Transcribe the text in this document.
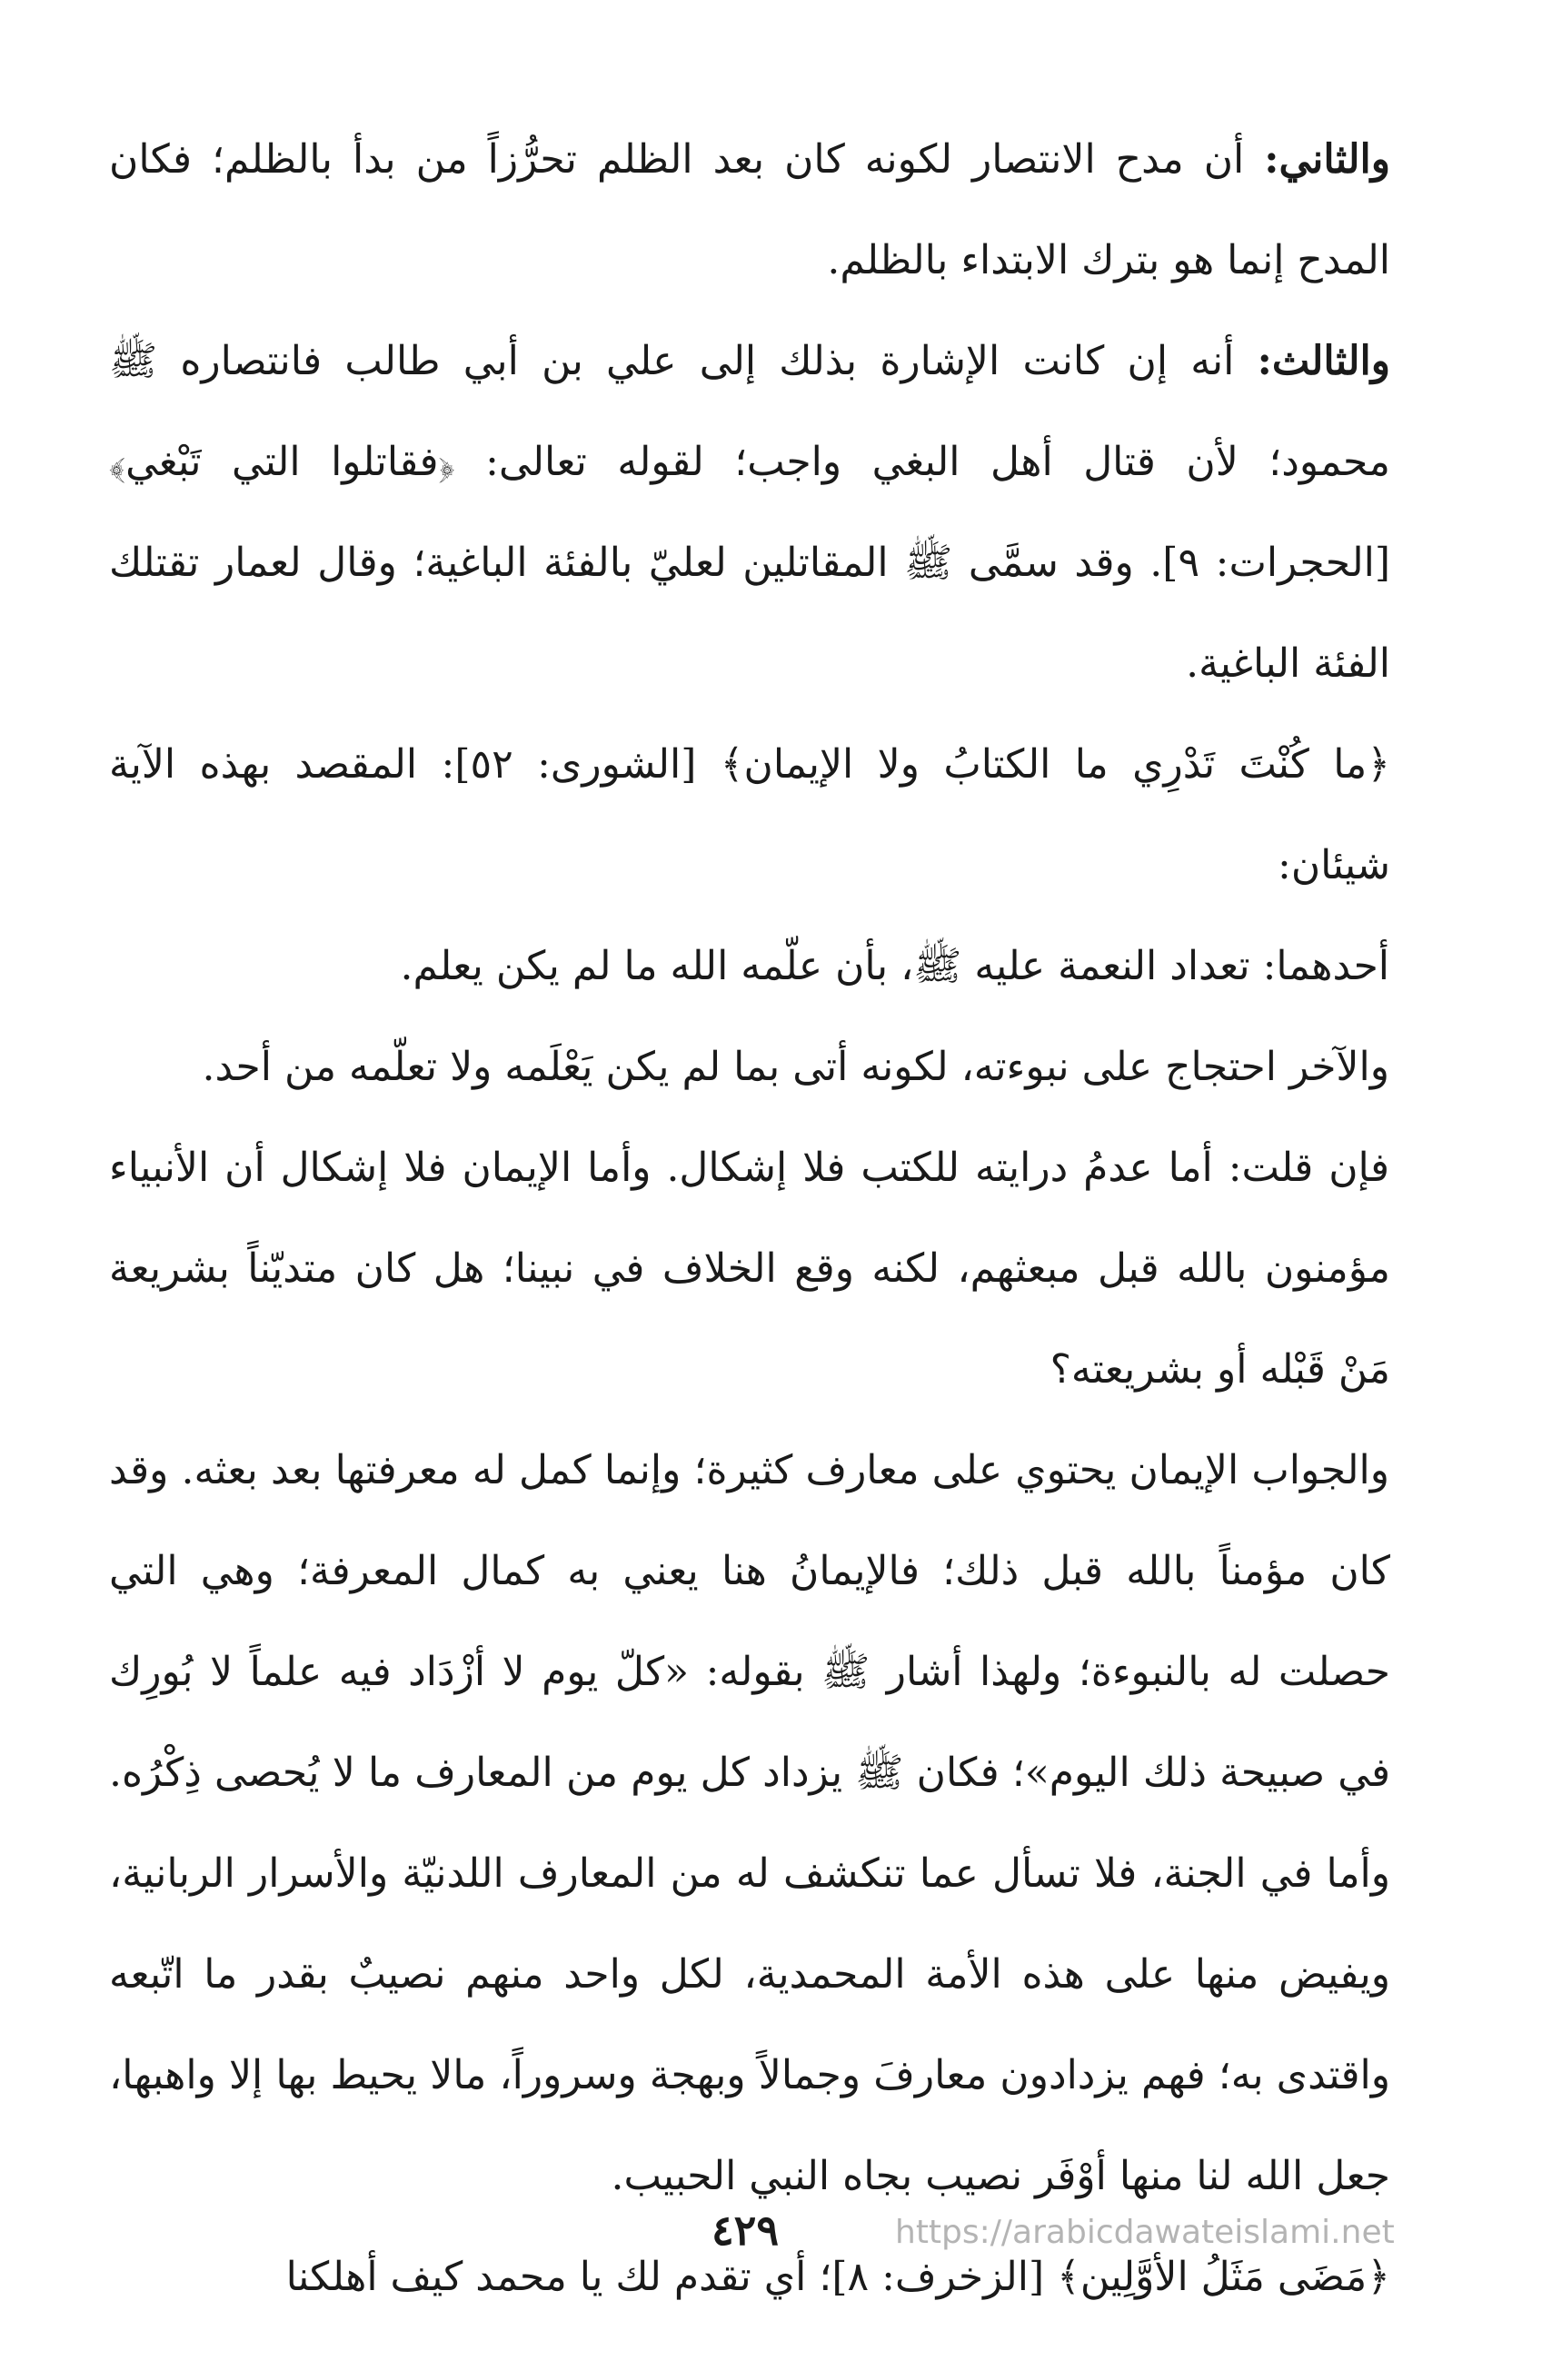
والثاني: أن مدح الانتصار لكونه كان بعد الظلم تحرُّزاً من بدأ بالظلم؛ فكان المدح إنما هو بترك الابتداء بالظلم.

والثالث: أنه إن كانت الإشارة بذلك إلى علي بن أبي طالب فانتصاره ﷺ محمود؛ لأن قتال أهل البغي واجب؛ لقوله تعالى: ﴿فقاتلوا التي تَبْغي﴾ [الحجرات: ٩]. وقد سمَّى ﷺ المقاتلين لعليّ بالفئة الباغية؛ وقال لعمار تقتلك الفئة الباغية.

﴿ما كُنْتَ تَدْرِي ما الكتابُ ولا الإيمان﴾ [الشورى: ٥٢]: المقصد بهذه الآية شيئان:

أحدهما: تعداد النعمة عليه ﷺ، بأن علّمه الله ما لم يكن يعلم.

والآخر احتجاج على نبوءته، لكونه أتى بما لم يكن يَعْلَمه ولا تعلّمه من أحد.

فإن قلت: أما عدمُ درايته للكتب فلا إشكال. وأما الإيمان فلا إشكال أن الأنبياء مؤمنون بالله قبل مبعثهم، لكنه وقع الخلاف في نبينا؛ هل كان متديّناً بشريعة مَنْ قَبْله أو بشريعته؟

والجواب الإيمان يحتوي على معارف كثيرة؛ وإنما كمل له معرفتها بعد بعثه. وقد كان مؤمناً بالله قبل ذلك؛ فالإيمانُ هنا يعني به كمال المعرفة؛ وهي التي حصلت له بالنبوءة؛ ولهذا أشار ﷺ بقوله: «كلّ يوم لا أزْدَاد فيه علماً لا بُورِك في صبيحة ذلك اليوم»؛ فكان ﷺ يزداد كل يوم من المعارف ما لا يُحصى ذِكْرُه. وأما في الجنة، فلا تسأل عما تنكشف له من المعارف اللدنيّة والأسرار الربانية، ويفيض منها على هذه الأمة المحمدية، لكل واحد منهم نصيبٌ بقدر ما اتّبعه واقتدى به؛ فهم يزدادون معارفَ وجمالاً وبهجة وسروراً، مالا يحيط بها إلا واهبها، جعل الله لنا منها أوْفَر نصيب بجاه النبي الحبيب.

﴿مَضَى مَثَلُ الأوَّلِين﴾ [الزخرف: ٨]؛ أي تقدم لك يا محمد كيف أهلكنا

٤٢٩	https://arabicdawateislami.net
